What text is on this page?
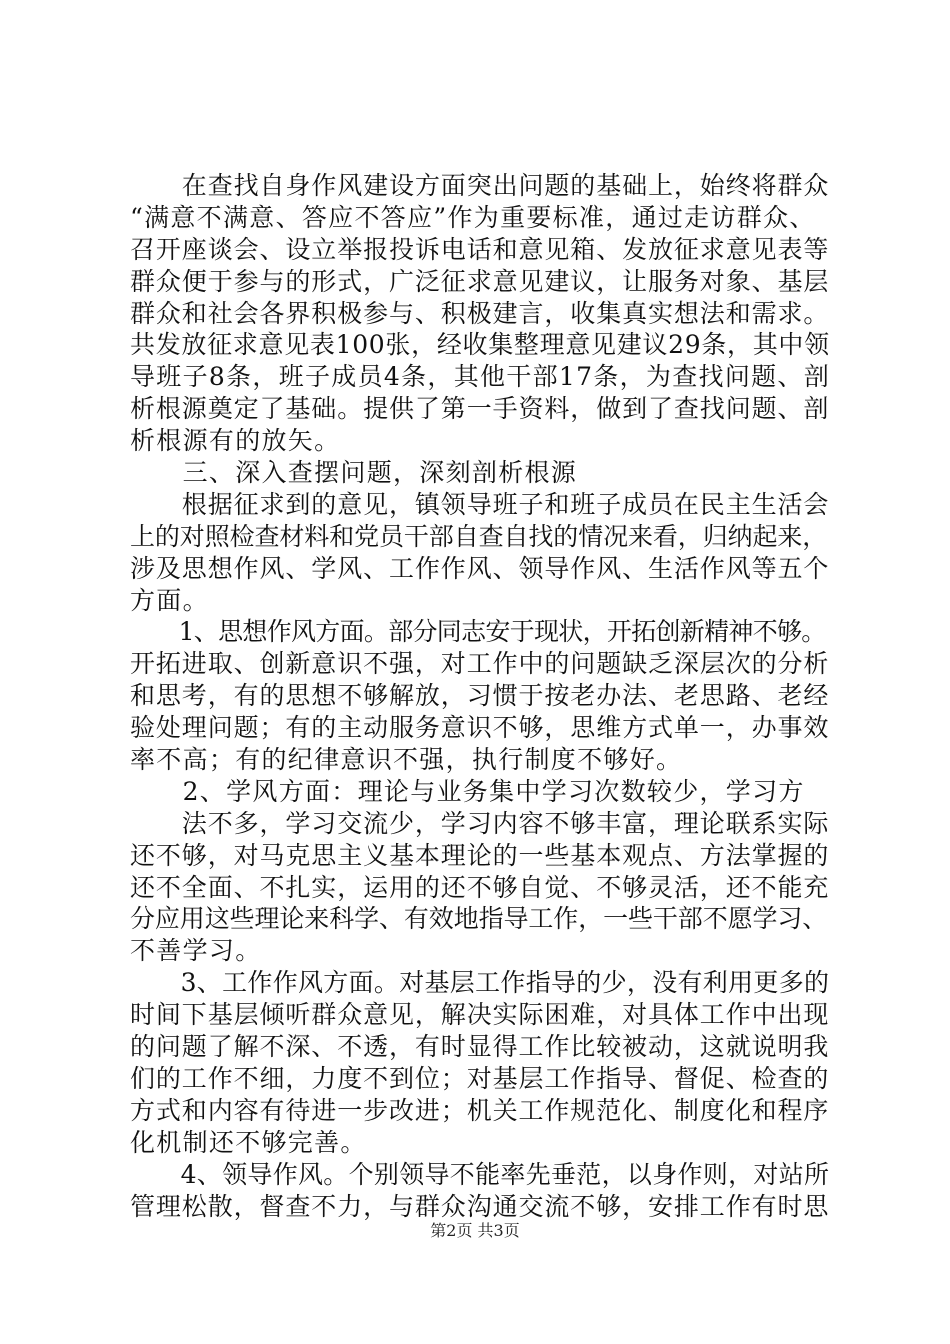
　　在查找自身作风建设方面突出问题的基础上，始终将群众
“满意不满意、答应不答应”作为重要标准，通过走访群众、
召开座谈会、设立举报投诉电话和意见箱、发放征求意见表等
群众便于参与的形式，广泛征求意见建议，让服务对象、基层
群众和社会各界积极参与、积极建言，收集真实想法和需求。
共发放征求意见表100张，经收集整理意见建议29条，其中领
导班子8条，班子成员4条，其他干部17条，为查找问题、剖
析根源奠定了基础。提供了第一手资料，做到了查找问题、剖
析根源有的放矢。
　　三、深入查摆问题，深刻剖析根源
　　根据征求到的意见，镇领导班子和班子成员在民主生活会
上的对照检查材料和党员干部自查自找的情况来看，归纳起来，
涉及思想作风、学风、工作作风、领导作风、生活作风等五个
方面。
　　1、思想作风方面。部分同志安于现状，开拓创新精神不够。
开拓进取、创新意识不强，对工作中的问题缺乏深层次的分析
和思考，有的思想不够解放，习惯于按老办法、老思路、老经
验处理问题；有的主动服务意识不够，思维方式单一，办事效
率不高；有的纪律意识不强，执行制度不够好。
　　2、学风方面：理论与业务集中学习次数较少，学习方
　　法不多，学习交流少，学习内容不够丰富，理论联系实际
还不够，对马克思主义基本理论的一些基本观点、方法掌握的
还不全面、不扎实，运用的还不够自觉、不够灵活，还不能充
分应用这些理论来科学、有效地指导工作，一些干部不愿学习、
不善学习。
　　3、工作作风方面。对基层工作指导的少，没有利用更多的
时间下基层倾听群众意见，解决实际困难，对具体工作中出现
的问题了解不深、不透，有时显得工作比较被动，这就说明我
们的工作不细，力度不到位；对基层工作指导、督促、检查的
方式和内容有待进一步改进；机关工作规范化、制度化和程序
化机制还不够完善。
　　4、领导作风。个别领导不能率先垂范，以身作则，对站所
管理松散，督查不力，与群众沟通交流不够，安排工作有时思
第2页 共3页
